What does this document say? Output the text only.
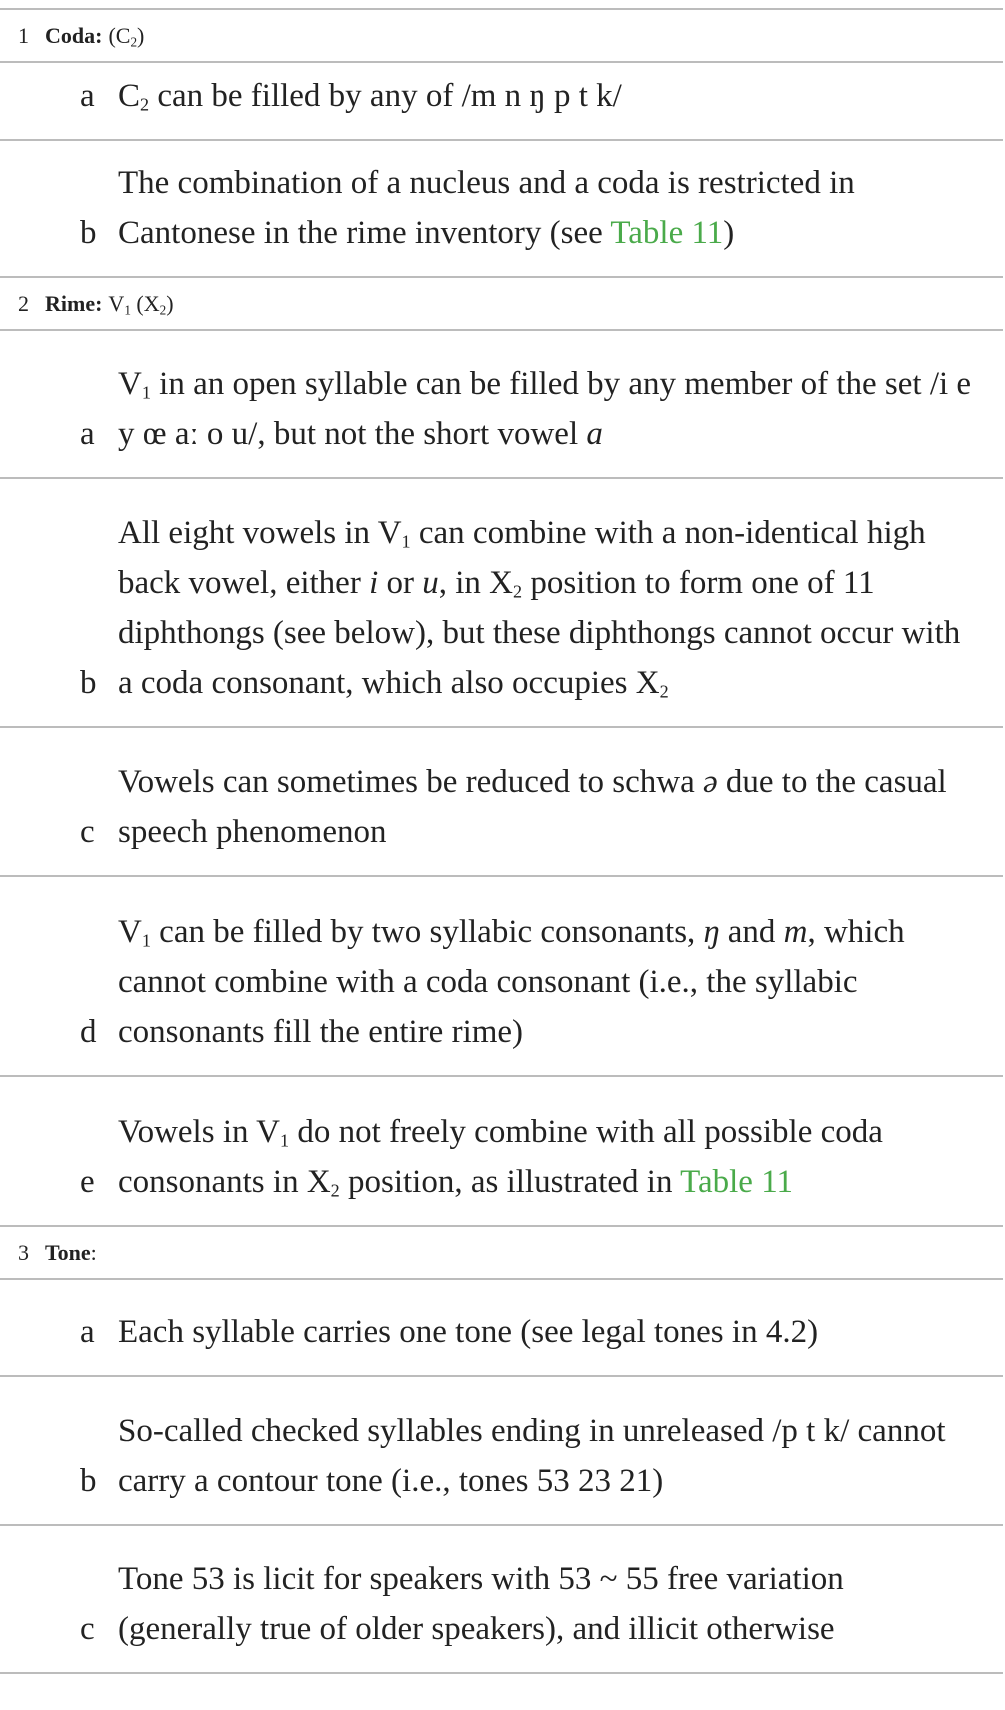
1 Coda: $(C_2)$
a $C_2$ can be filled by any of /m n ŋ p t k/
b
The combination of a nucleus and a coda is restricted in Cantonese in the rime inventory (see Table 11)
2 Rime: $V_1$ $(X_2)$
a
$V_1$ in an open syllable can be filled by any member of the set /i e y œ aː o u/, but not the short vowel a
b
All eight vowels in $V_1$ can combine with a non-identical high back vowel, either i or u, in $X_2$ position to form one of 11 diphthongs (see below), but these diphthongs cannot occur with a coda consonant, which also occupies $X_2$
c
Vowels can sometimes be reduced to schwa ə due to the casual speech phenomenon
d
$V_1$ can be filled by two syllabic consonants, ŋ and m, which cannot combine with a coda consonant (i.e., the syllabic consonants fill the entire rime)
e
Vowels in $V_1$ do not freely combine with all possible coda consonants in $X_2$ position, as illustrated in Table 11
3 Tone :
a Each syllable carries one tone (see legal tones in 4.2)
b
So-called checked syllables ending in unreleased /p t k/ cannot carry a contour tone (i.e., tones 53 23 21)
c
Tone 53 is licit for speakers with 53 ~ 55 free variation (generally true of older speakers), and illicit otherwise
